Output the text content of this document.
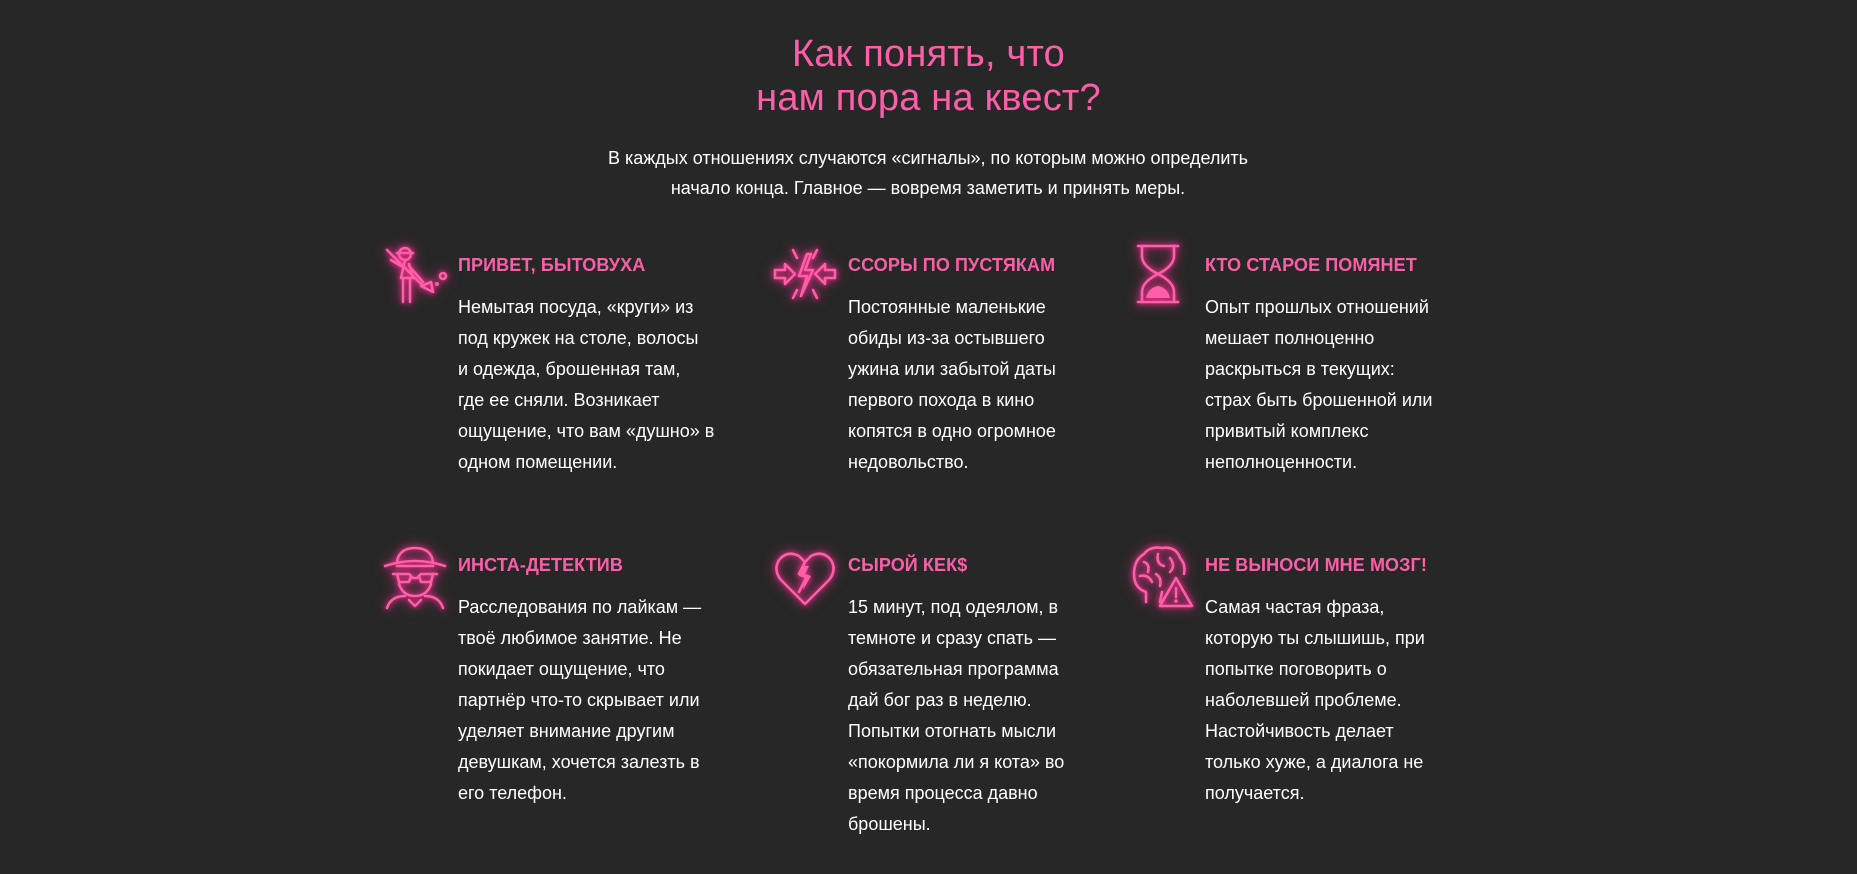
Как понять, что
нам пора на квест?

В каждых отношениях случаются «сигналы», по которым можно определить
начало конца. Главное — вовремя заметить и принять меры.

ПРИВЕТ, БЫТОВУХА
Немытая посуда, «круги» из
под кружек на столе, волосы
и одежда, брошенная там,
где ее сняли. Возникает
ощущение, что вам «душно» в
одном помещении.
ССОРЫ ПО ПУСТЯКАМ
Постоянные маленькие
обиды из-за остывшего
ужина или забытой даты
первого похода в кино
копятся в одно огромное
недовольство.
КТО СТАРОЕ ПОМЯНЕТ
Опыт прошлых отношений
мешает полноценно
раскрыться в текущих:
страх быть брошенной или
привитый комплекс
неполноценности.
ИНСТА-ДЕТЕКТИВ
Расследования по лайкам —
твоё любимое занятие. Не
покидает ощущение, что
партнёр что-то скрывает или
уделяет внимание другим
девушкам, хочется залезть в
его телефон.
СЫРОЙ КЕК$
15 минут, под одеялом, в
темноте и сразу спать —
обязательная программа
дай бог раз в неделю.
Попытки отогнать мысли
«покормила ли я кота» во
время процесса давно
брошены.
НЕ ВЫНОСИ МНЕ МОЗГ!
Самая частая фраза,
которую ты слышишь, при
попытке поговорить о
наболевшей проблеме.
Настойчивость делает
только хуже, а диалога не
получается.
